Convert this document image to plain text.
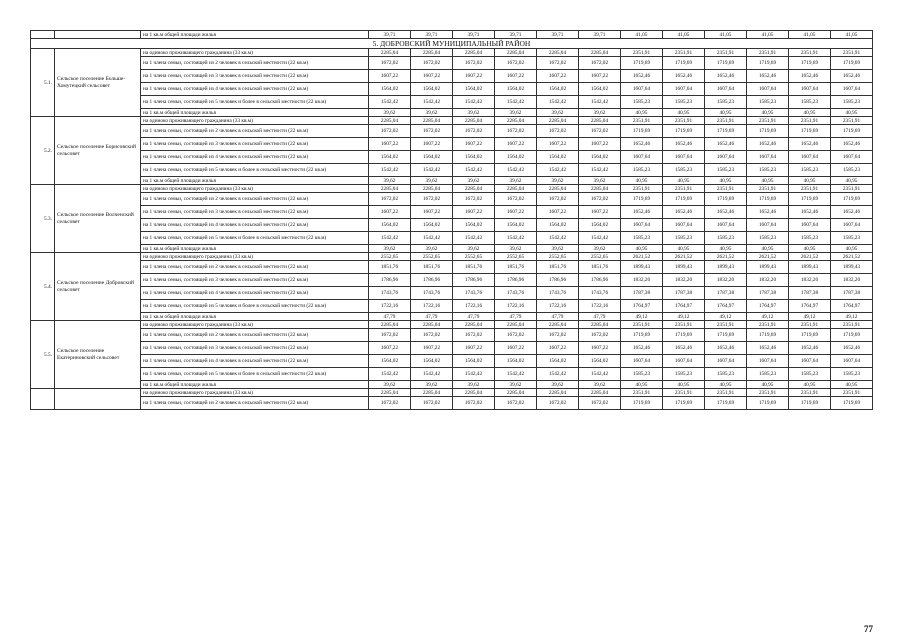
		на 1 кв.м общей площади жилья	39,71	39,71	39,71	39,71	39,71	39,71	41,05	41,05	41,05	41,05	41,05	41,05
5. ДОБРОВСКИЙ МУНИЦИПАЛЬНЫЙ РАЙОН														
5.1.	Сельское поселение Больше-Хомутецкий сельсовет	на одиноко проживающего гражданина (33 кв.м)	2285,04	2285,04	2285,04	2285,04	2285,04	2285,04	2351,91	2351,91	2351,91	2351,91	2351,91	2351,91
		на 1 члена семьи, состоящей из 2 человек в сельской местности (22 кв.м)	1672,02	1672,02	1672,02	1672,02	1672,02	1672,02	1719,69	1719,69	1719,69	1719,69	1719,69	1719,69
		на 1 члена семьи, состоящей из 3 человек в сельской местности (22 кв.м)	1607,22	1607,22	1607,22	1607,22	1607,22	1607,22	1652,46	1652,46	1652,46	1652,46	1652,46	1652,46
		на 1 члена семьи, состоящей из 4 человек в сельской местности (22 кв.м)	1564,02	1564,02	1564,02	1564,02	1564,02	1564,02	1607,64	1607,64	1607,64	1607,64	1607,64	1607,64
		на 1 члена семьи, состоящей из 5 человек и более в сельской местности (22 кв.м)	1542,42	1542,42	1542,42	1542,42	1542,42	1542,42	1585,23	1585,23	1585,23	1585,23	1585,23	1585,23
		на 1 кв.м общей площади жилья	39,62	39,62	39,62	39,62	39,62	39,62	40,95	40,95	40,95	40,95	40,95	40,95
5.2.	Сельское поселение Борисовский сельсовет	на одиноко проживающего гражданина (33 кв.м)	2285,04	2285,04	2285,04	2285,04	2285,04	2285,04	2351,91	2351,91	2351,91	2351,91	2351,91	2351,91
		на 1 члена семьи, состоящей из 2 человек в сельской местности (22 кв.м)	1672,02	1672,02	1672,02	1672,02	1672,02	1672,02	1719,69	1719,69	1719,69	1719,69	1719,69	1719,69
		на 1 члена семьи, состоящей из 3 человек в сельской местности (22 кв.м)	1607,22	1607,22	1607,22	1607,22	1607,22	1607,22	1652,46	1652,46	1652,46	1652,46	1652,46	1652,46
		на 1 члена семьи, состоящей из 4 человек в сельской местности (22 кв.м)	1564,02	1564,02	1564,02	1564,02	1564,02	1564,02	1607,64	1607,64	1607,64	1607,64	1607,64	1607,64
		на 1 члена семьи, состоящей из 5 человек и более в сельской местности (22 кв.м)	1542,42	1542,42	1542,42	1542,42	1542,42	1542,42	1585,23	1585,23	1585,23	1585,23	1585,23	1585,23
		на 1 кв.м общей площади жилья	39,62	39,62	39,62	39,62	39,62	39,62	40,95	40,95	40,95	40,95	40,95	40,95
5.3.	Сельское поселение Волченский сельсовет	на одиноко проживающего гражданина (33 кв.м)	2285,04	2285,04	2285,04	2285,04	2285,04	2285,04	2351,91	2351,91	2351,91	2351,91	2351,91	2351,91
		на 1 члена семьи, состоящей из 2 человек в сельской местности (22 кв.м)	1672,02	1672,02	1672,02	1672,02	1672,02	1672,02	1719,69	1719,69	1719,69	1719,69	1719,69	1719,69
		на 1 члена семьи, состоящей из 3 человек в сельской местности (22 кв.м)	1607,22	1607,22	1607,22	1607,22	1607,22	1607,22	1652,46	1652,46	1652,46	1652,46	1652,46	1652,46
		на 1 члена семьи, состоящей из 4 человек в сельской местности (22 кв.м)	1564,02	1564,02	1564,02	1564,02	1564,02	1564,02	1607,64	1607,64	1607,64	1607,64	1607,64	1607,64
		на 1 члена семьи, состоящей из 5 человек и более в сельской местности (22 кв.м)	1542,42	1542,42	1542,42	1542,42	1542,42	1542,42	1585,23	1585,23	1585,23	1585,23	1585,23	1585,23
		на 1 кв.м общей площади жилья	39,62	39,62	39,62	39,62	39,62	39,62	40,95	40,95	40,95	40,95	40,95	40,95
5.4.	Сельское поселение Добровский сельсовет	на одиноко проживающего гражданина (33 кв.м)	2552,65	2552,65	2552,65	2552,65	2552,65	2552,65	2621,52	2621,52	2621,52	2621,52	2621,52	2621,52
		на 1 члена семьи, состоящей из 2 человек в сельской местности (22 кв.м)	1851,76	1851,76	1851,76	1851,76	1851,76	1851,76	1899,43	1899,43	1899,43	1899,43	1899,43	1899,43
		на 1 члена семьи, состоящей из 3 человек в сельской местности (22 кв.м)	1786,96	1786,96	1786,96	1786,96	1786,96	1786,96	1832,20	1832,20	1832,20	1832,20	1832,20	1832,20
		на 1 члена семьи, состоящей из 4 человек в сельской местности (22 кв.м)	1743,76	1743,76	1743,76	1743,76	1743,76	1743,76	1787,38	1787,38	1787,38	1787,38	1787,38	1787,38
		на 1 члена семьи, состоящей из 5 человек и более в сельской местности (22 кв.м)	1722,16	1722,16	1722,16	1722,16	1722,16	1722,16	1764,97	1764,97	1764,97	1764,97	1764,97	1764,97
		на 1 кв.м общей площади жилья	47,79	47,79	47,79	47,79	47,79	47,79	49,12	49,12	49,12	49,12	49,12	49,12
5.5.	Сельское поселение Екатериновский сельсовет	на одиноко проживающего гражданина (33 кв.м)	2285,04	2285,04	2285,04	2285,04	2285,04	2285,04	2351,91	2351,91	2351,91	2351,91	2351,91	2351,91
		на 1 члена семьи, состоящей из 2 человек в сельской местности (22 кв.м)	1672,02	1672,02	1672,02	1672,02	1672,02	1672,02	1719,69	1719,69	1719,69	1719,69	1719,69	1719,69
		на 1 члена семьи, состоящей из 3 человек в сельской местности (22 кв.м)	1607,22	1607,22	1607,22	1607,22	1607,22	1607,22	1652,46	1652,46	1652,46	1652,46	1652,46	1652,46
		на 1 члена семьи, состоящей из 4 человек в сельской местности (22 кв.м)	1564,02	1564,02	1564,02	1564,02	1564,02	1564,02	1607,64	1607,64	1607,64	1607,64	1607,64	1607,64
		на 1 члена семьи, состоящей из 5 человек и более в сельской местности (22 кв.м)	1542,42	1542,42	1542,42	1542,42	1542,42	1542,42	1585,23	1585,23	1585,23	1585,23	1585,23	1585,23
		на 1 кв.м общей площади жилья	39,62	39,62	39,62	39,62	39,62	39,62	40,95	40,95	40,95	40,95	40,95	40,95
		на одиноко проживающего гражданина (33 кв.м)	2285,04	2285,04	2285,04	2285,04	2285,04	2285,04	2351,91	2351,91	2351,91	2351,91	2351,91	2351,91
		на 1 члена семьи, состоящей из 2 человек в сельской местности (22 кв.м)	1672,02	1672,02	1672,02	1672,02	1672,02	1672,02	1719,69	1719,69	1719,69	1719,69	1719,69	1719,69
77
